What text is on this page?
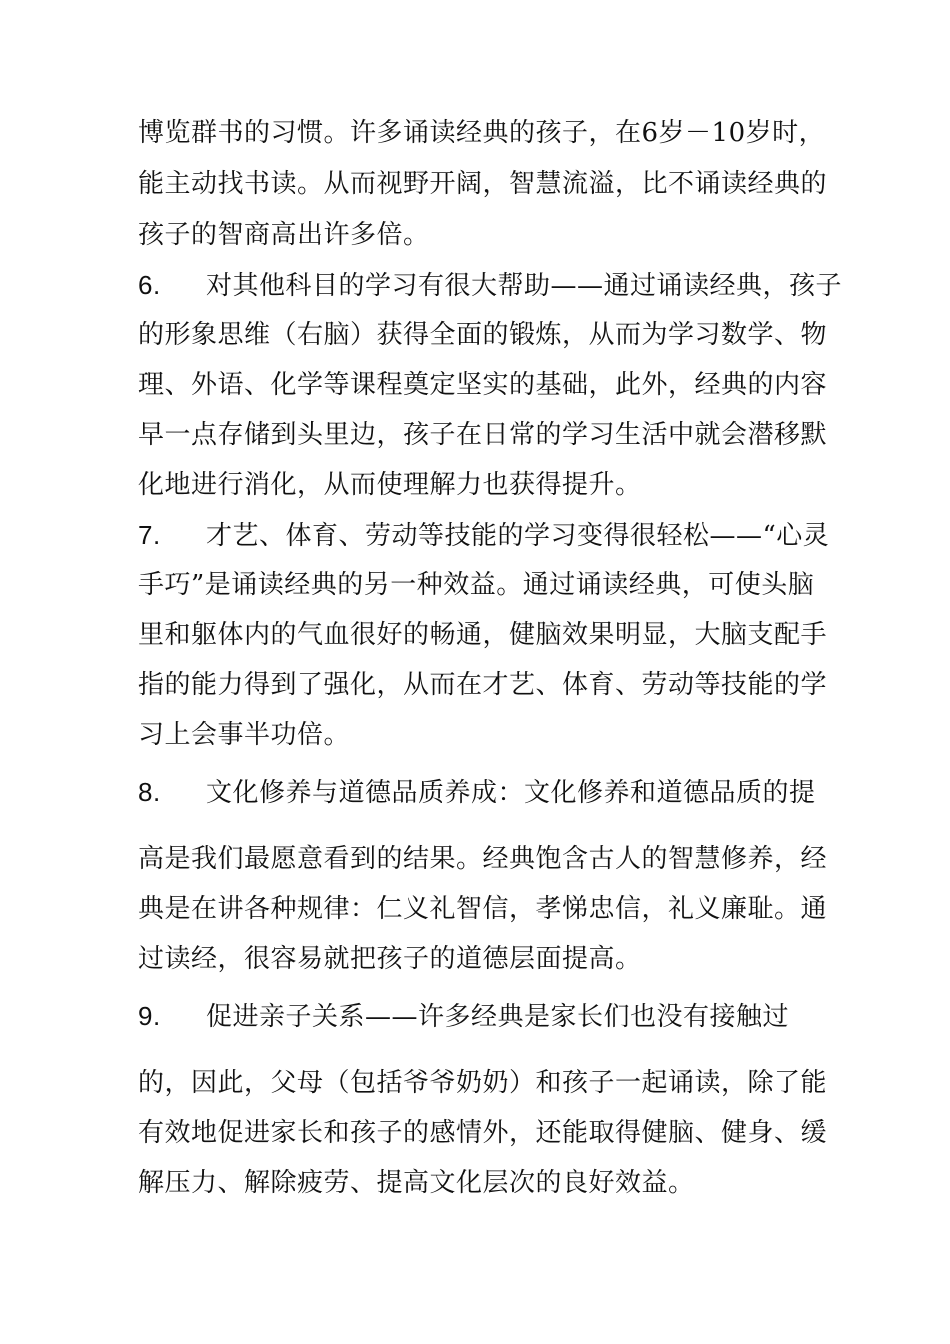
博览群书的习惯。许多诵读经典的孩子，在6岁－10岁时，
能主动找书读。从而视野开阔，智慧流溢，比不诵读经典的
孩子的智商高出许多倍。
6. 对其他科目的学习有很大帮助——通过诵读经典，孩子
的形象思维（右脑）获得全面的锻炼，从而为学习数学、物
理、外语、化学等课程奠定坚实的基础，此外，经典的内容
早一点存储到头里边，孩子在日常的学习生活中就会潜移默
化地进行消化，从而使理解力也获得提升。
7. 才艺、体育、劳动等技能的学习变得很轻松——“心灵
手巧”是诵读经典的另一种效益。通过诵读经典，可使头脑
里和躯体内的气血很好的畅通，健脑效果明显，大脑支配手
指的能力得到了强化，从而在才艺、体育、劳动等技能的学
习上会事半功倍。
8. 文化修养与道德品质养成：文化修养和道德品质的提
高是我们最愿意看到的结果。经典饱含古人的智慧修养，经
典是在讲各种规律：仁义礼智信，孝悌忠信，礼义廉耻。通
过读经，很容易就把孩子的道德层面提高。
9. 促进亲子关系——许多经典是家长们也没有接触过
的，因此，父母（包括爷爷奶奶）和孩子一起诵读，除了能
有效地促进家长和孩子的感情外，还能取得健脑、健身、缓
解压力、解除疲劳、提高文化层次的良好效益。
